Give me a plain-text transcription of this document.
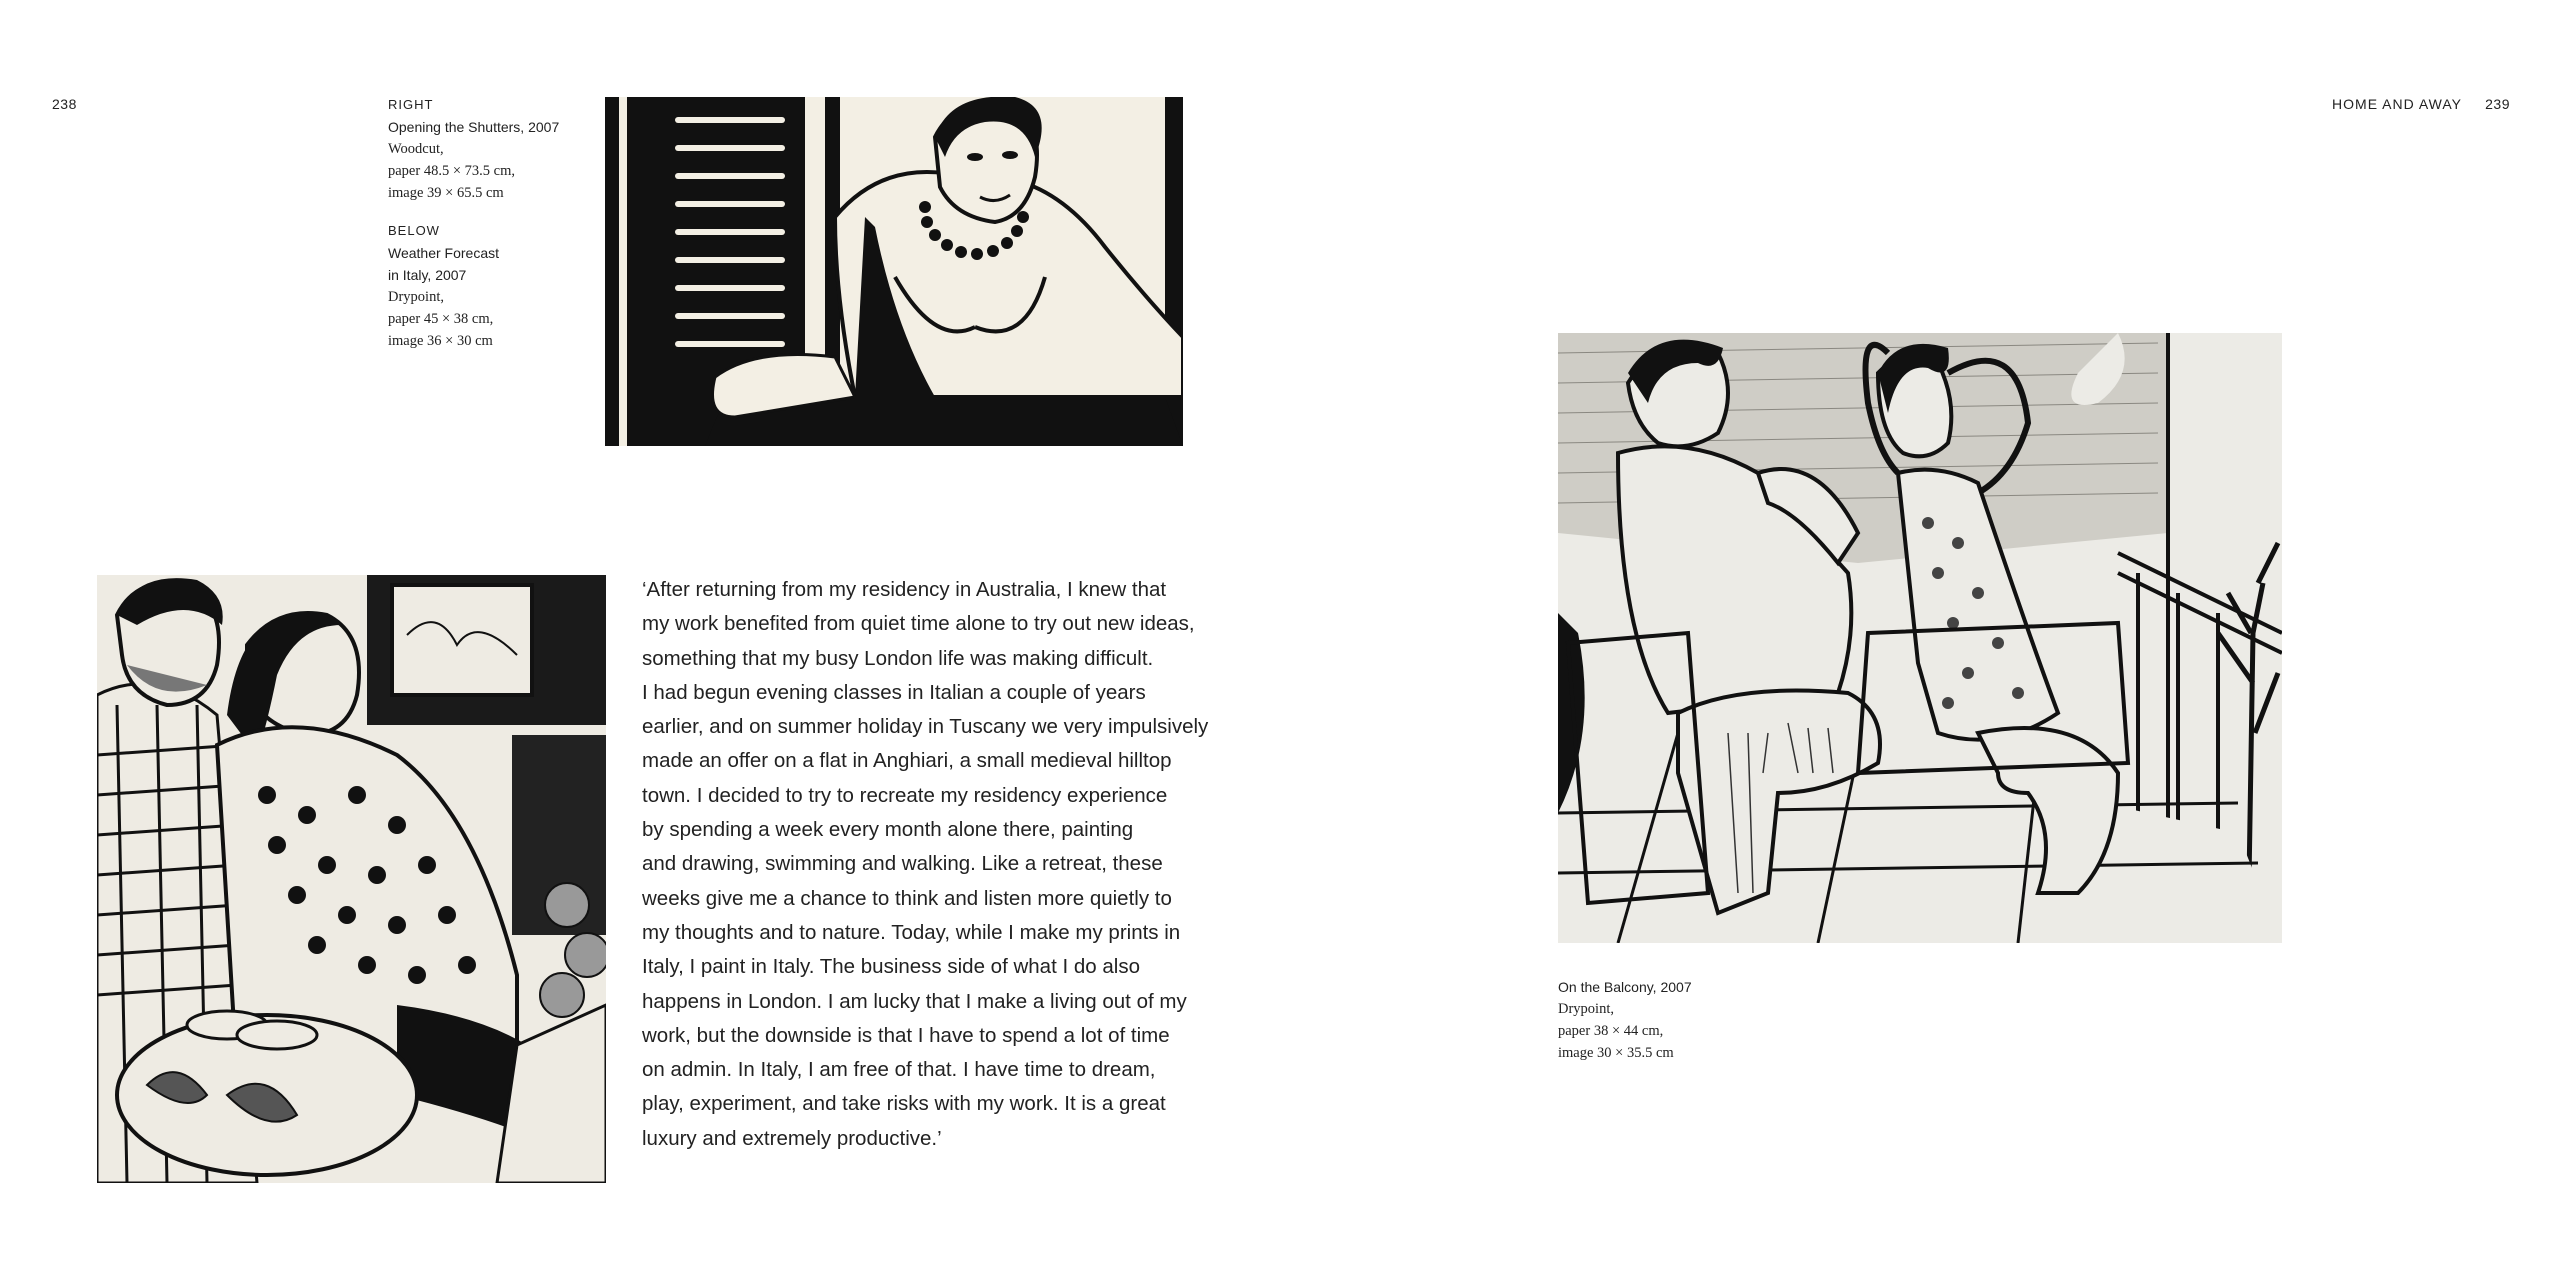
238	RIGHT
Opening the Shutters, 2007
Woodcut,
paper 48.5 × 73.5 cm,
image 39 × 65.5 cm
BELOW
Weather Forecast
in Italy, 2007
Drypoint,
paper 45 × 38 cm,
image 36 × 30 cm
‘After returning from my residency in Australia, I knew that
my work benefited from quiet time alone to try out new ideas,
something that my busy London life was making difficult.
I had begun evening classes in Italian a couple of years
earlier, and on summer holiday in Tuscany we very impulsively
made an offer on a flat in Anghiari, a small medieval hilltop
town. I decided to try to recreate my residency experience
by spending a week every month alone there, painting
and drawing, swimming and walking. Like a retreat, these
weeks give me a chance to think and listen more quietly to
my thoughts and to nature. Today, while I make my prints in
Italy, I paint in Italy. The business side of what I do also
happens in London. I am lucky that I make a living out of my
work, but the downside is that I have to spend a lot of time
on admin. In Italy, I am free of that. I have time to dream,
play, experiment, and take risks with my work. It is a great
luxury and extremely productive.’
HOME AND AWAY 239
On the Balcony, 2007
Drypoint,
paper 38 × 44 cm,
image 30 × 35.5 cm
